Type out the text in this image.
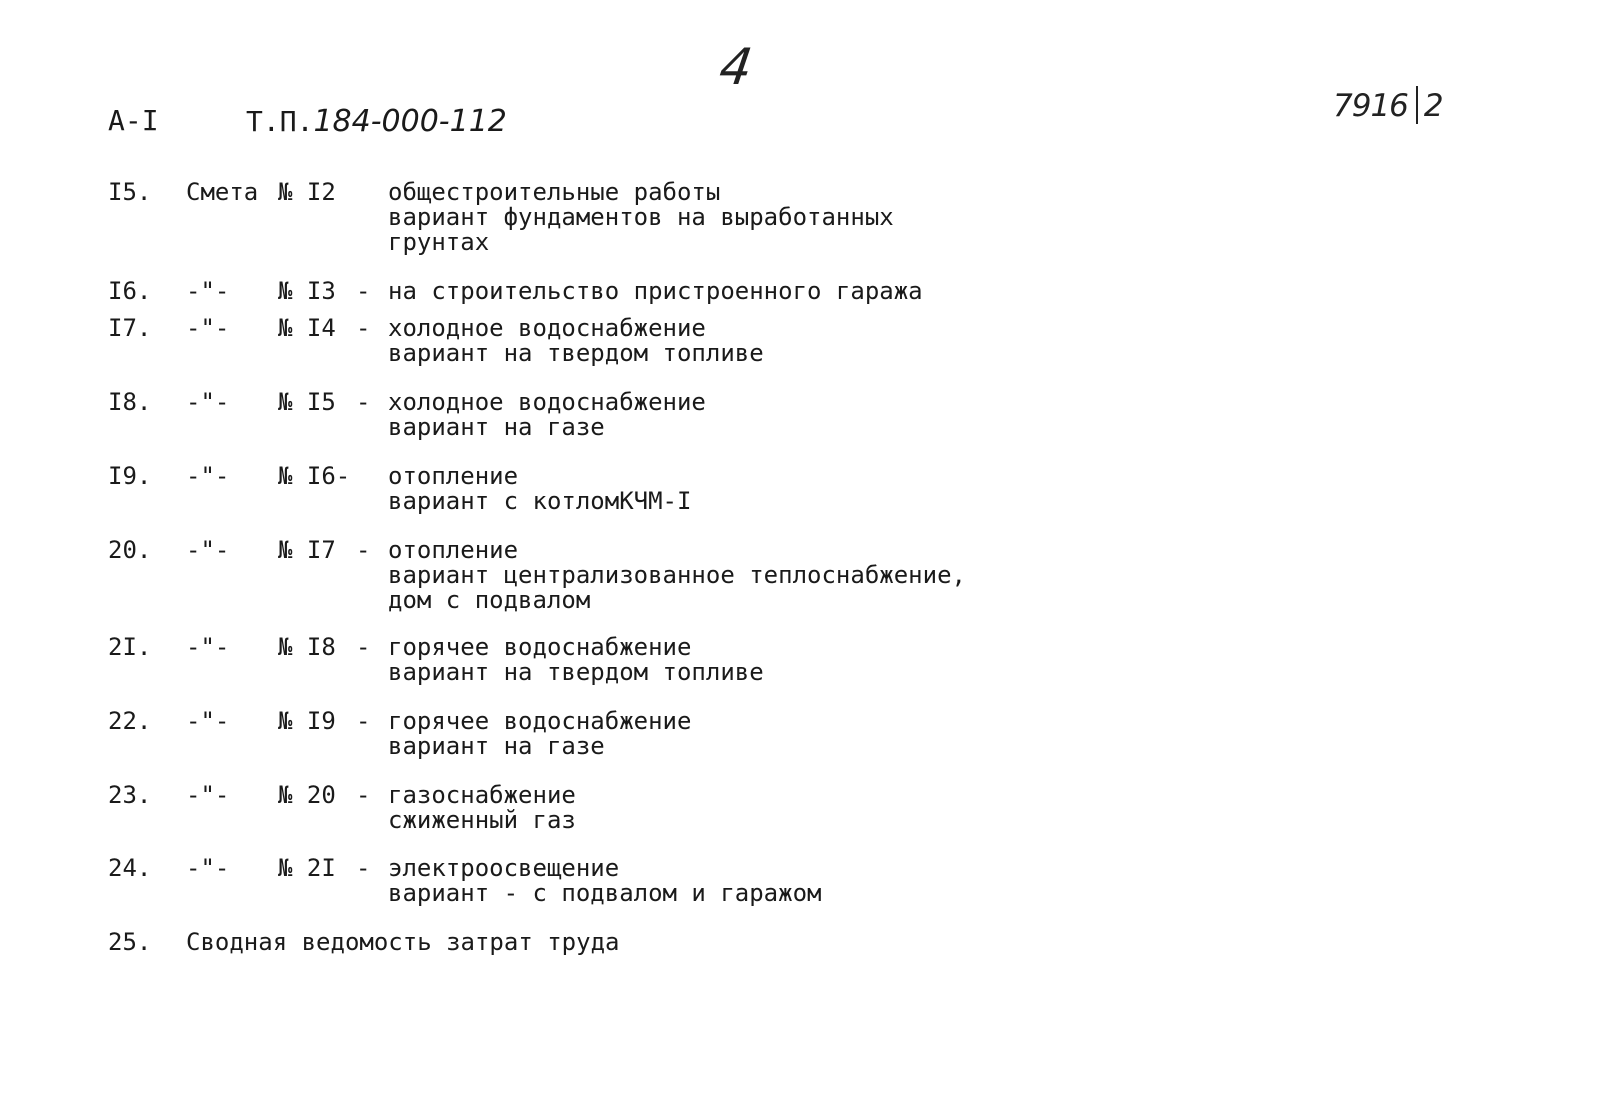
4
7916 2
А-I	Т.П.184-000-112
I5. Смета № I2 общестроительные работы
вариант фундаментов на выработанных
грунтах
I6. -"- № I3 - на строительство пристроенного гаража
I7. -"- № I4 - холодное водоснабжение
вариант на твердом топливе
I8. -"- № I5 - холодное водоснабжение
вариант на газе
I9. -"- № I6- отопление
вариант с котломКЧМ-I
20. -"- № I7 - отопление
вариант централизованное теплоснабжение,
дом с подвалом
2I. -"- № I8 - горячее водоснабжение
вариант на твердом топливе
22. -"- № I9 - горячее водоснабжение
вариант на газе
23. -"- № 20 - газоснабжение
сжиженный газ
24. -"- № 2I - электроосвещение
вариант - с подвалом и гаражом
25. Сводная ведомость затрат труда
